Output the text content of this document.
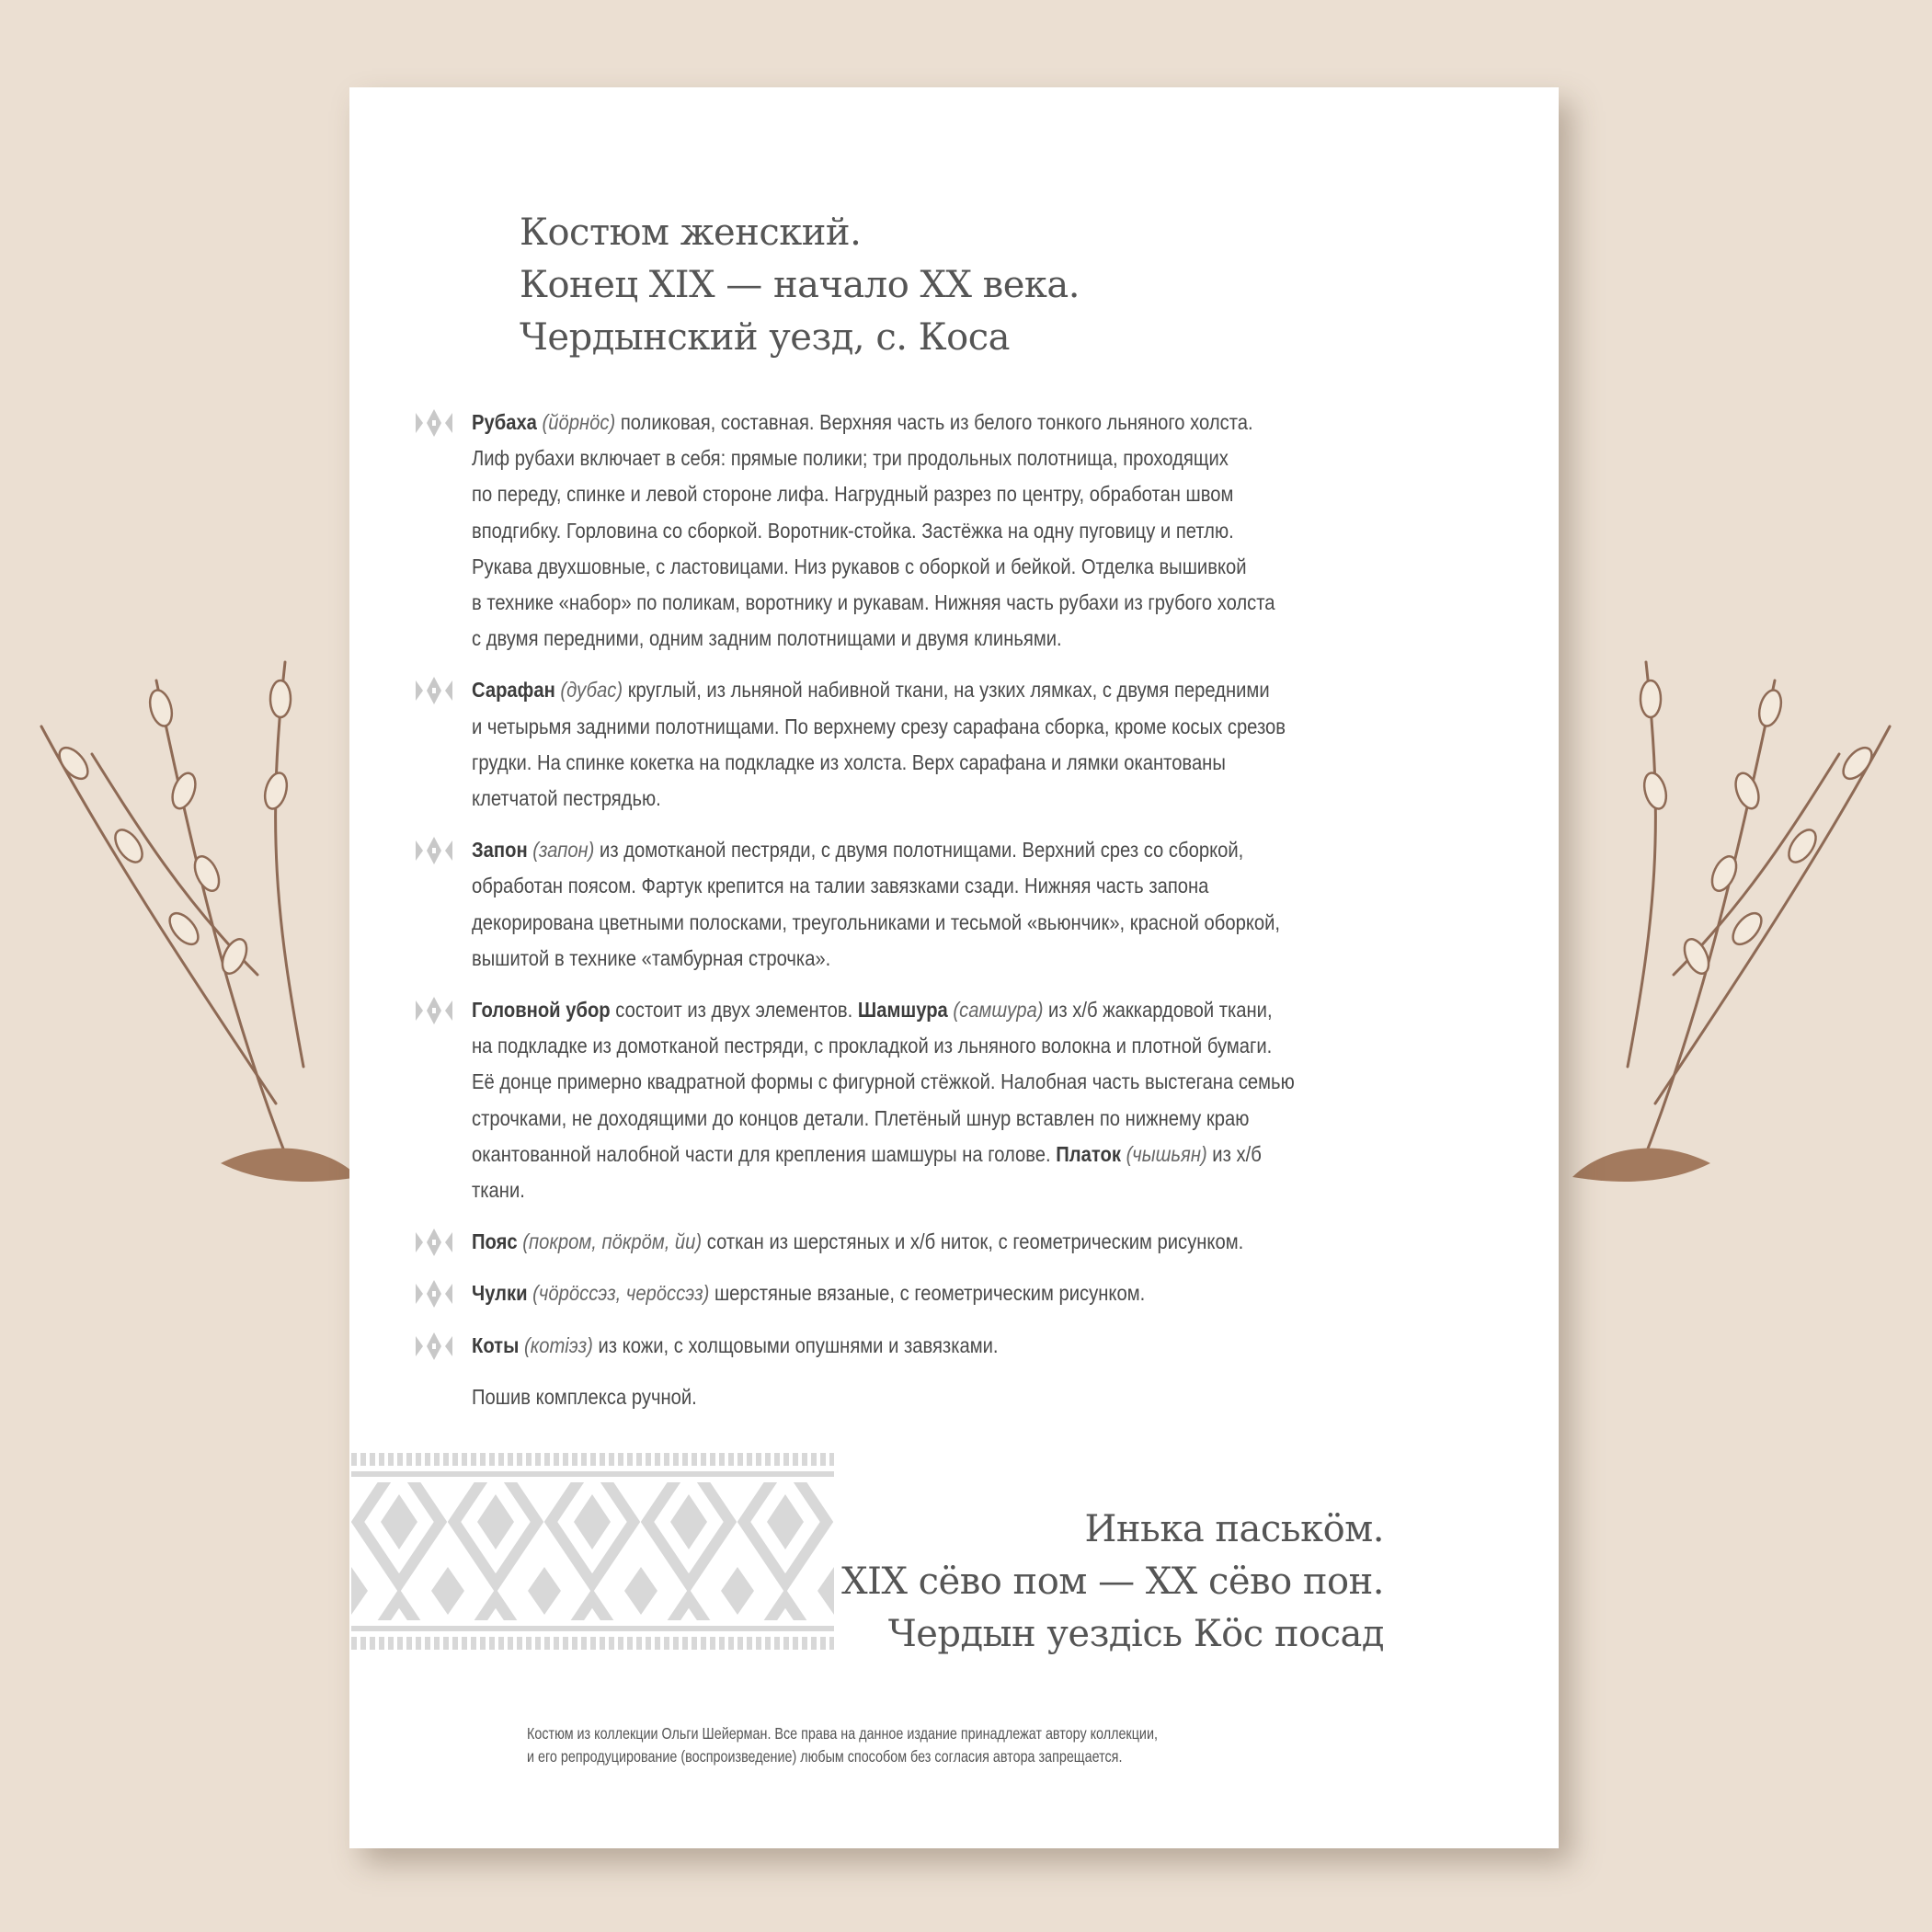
Костюм женский.
Конец XIX — начало XX века.
Чердынский уезд, с. Коса

Рубаха (йöрнöс) поликовая, составная. Верхняя часть из белого тонкого льняного холста.
Лиф рубахи включает в себя: прямые полики; три продольных полотнища, проходящих
по переду, спинке и левой стороне лифа. Нагрудный разрез по центру, обработан швом
вподгибку. Горловина со сборкой. Воротник-стойка. Застёжка на одну пуговицу и петлю.
Рукава двухшовные, с ластовицами. Низ рукавов с оборкой и бейкой. Отделка вышивкой
в технике «набор» по поликам, воротнику и рукавам. Нижняя часть рубахи из грубого холста
с двумя передними, одним задним полотнищами и двумя клиньями.

Сарафан (дубас) круглый, из льняной набивной ткани, на узких лямках, с двумя передними
и четырьмя задними полотнищами. По верхнему срезу сарафана сборка, кроме косых срезов
грудки. На спинке кокетка на подкладке из холста. Верх сарафана и лямки окантованы
клетчатой пестрядью.

Запон (запон) из домотканой пестряди, с двумя полотнищами. Верхний срез со сборкой,
обработан поясом. Фартук крепится на талии завязками сзади. Нижняя часть запона
декорирована цветными полосками, треугольниками и тесьмой «вьюнчик», красной оборкой,
вышитой в технике «тамбурная строчка».

Головной убор состоит из двух элементов. Шамшура (самшура) из х/б жаккардовой ткани,
на подкладке из домотканой пестряди, с прокладкой из льняного волокна и плотной бумаги.
Её донце примерно квадратной формы с фигурной стёжкой. Налобная часть выстегана семью
строчками, не доходящими до концов детали. Плетёный шнур вставлен по нижнему краю
окантованной налобной части для крепления шамшуры на голове. Платок (чышьян) из х/б
ткани.

Пояс (покром, пöкрöм, йи) соткан из шерстяных и х/б ниток, с геометрическим рисунком.

Чулки (чöрöссэз, черöссэз) шерстяные вязаные, с геометрическим рисунком.

Коты (котiэз) из кожи, с холщовыми опушнями и завязками.

Пошив комплекса ручной.

Инька паськöм.
XIX сёво пом — XX сёво пон.
Чердын уездiсь Кöс посад
Костюм из коллекции Ольги Шейерман. Все права на данное издание принадлежат автору коллекции,
и его репродуцирование (воспроизведение) любым способом без согласия автора запрещается.
